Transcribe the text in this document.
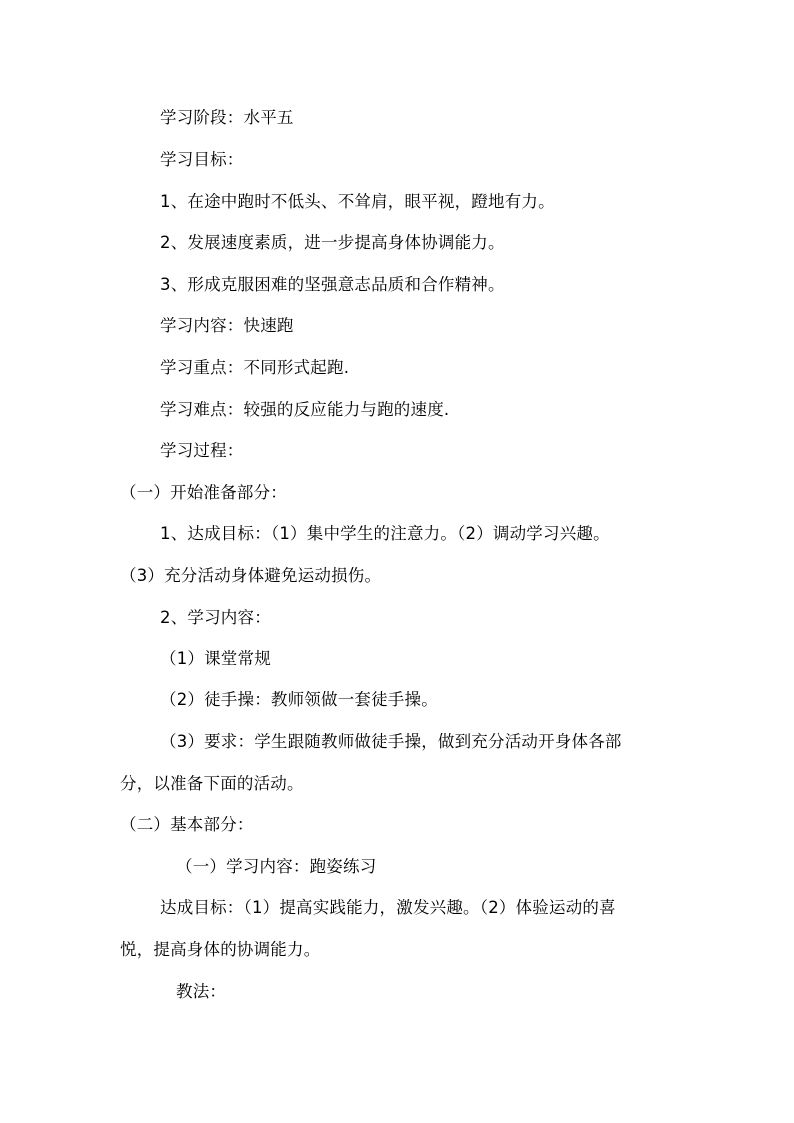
学习阶段：水平五
学习目标：
1、在途中跑时不低头、不耸肩，眼平视，蹬地有力。
2、发展速度素质，进一步提高身体协调能力。
3、形成克服困难的坚强意志品质和合作精神。
学习内容：快速跑
学习重点：不同形式起跑.
学习难点：较强的反应能力与跑的速度.
学习过程：
（一）开始准备部分：
1、达成目标：（1）集中学生的注意力。（2）调动学习兴趣。
（3）充分活动身体避免运动损伤。
2、学习内容：
（1）课堂常规
（2）徒手操：教师领做一套徒手操。
（3）要求：学生跟随教师做徒手操，做到充分活动开身体各部
分，以准备下面的活动。
（二）基本部分：
（一）学习内容：跑姿练习
达成目标：（1）提高实践能力，激发兴趣。（2）体验运动的喜
悦，提高身体的协调能力。
教法：
